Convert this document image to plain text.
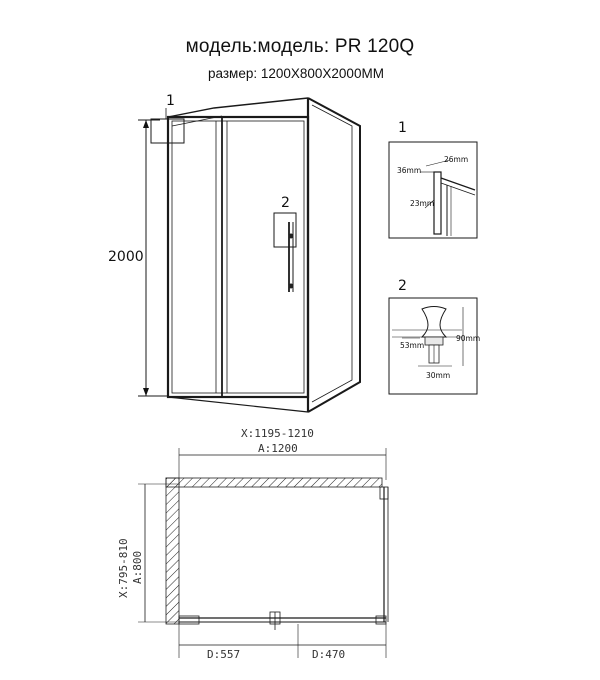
модель:модель: PR 120Q
размер: 1200X800X2000MM
2000
1
2
1
36mm
26mm
23mm
2
53mm
90mm
30mm
X:1195-1210
A:1200
X:795-810 A:800
D:557	D:470
